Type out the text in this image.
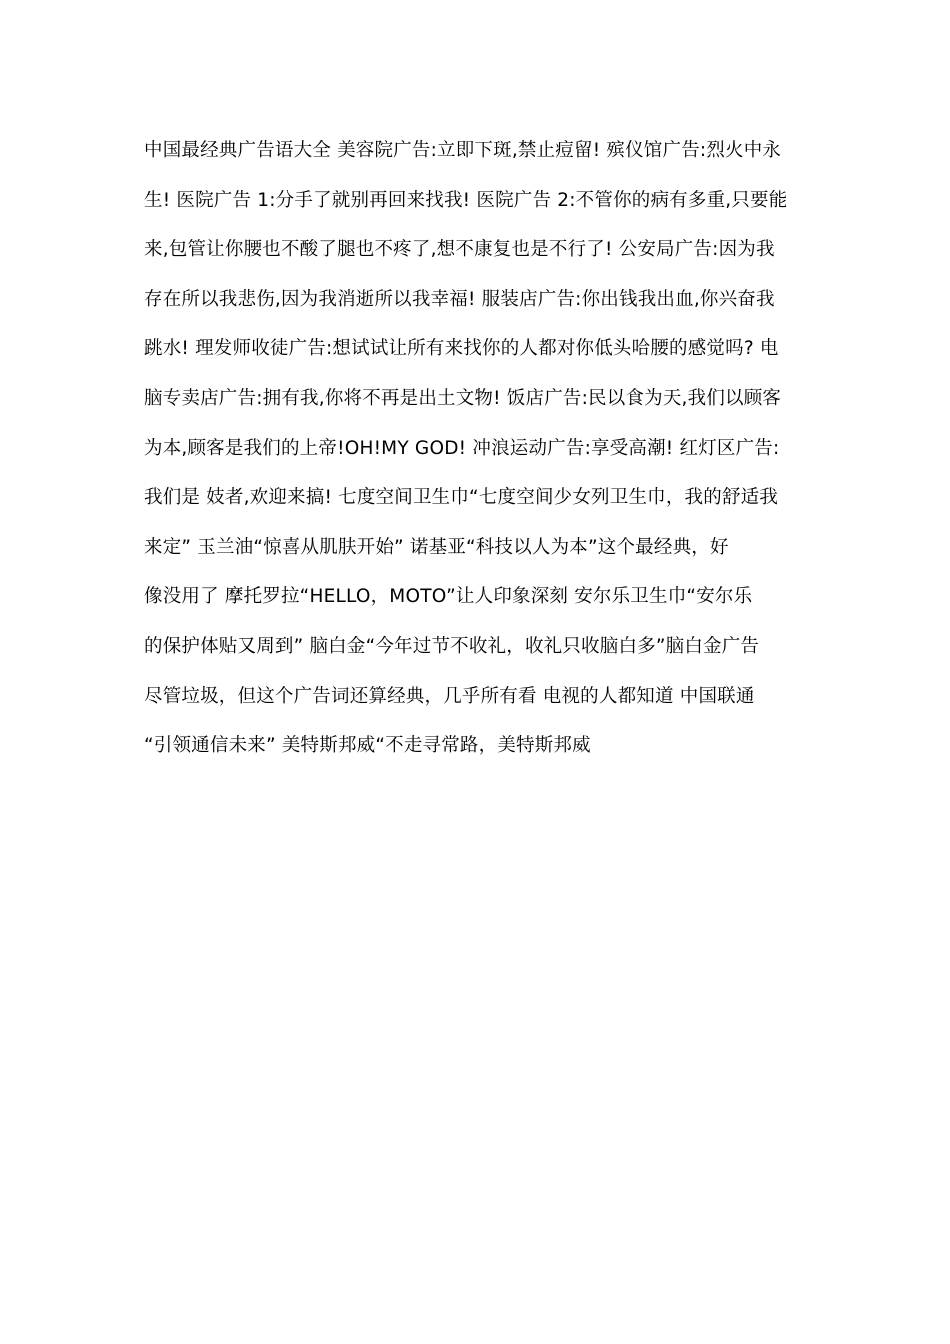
中国最经典广告语大全 美容院广告:立即下斑,禁止痘留! 殡仪馆广告:烈火中永
生! 医院广告 1:分手了就别再回来找我! 医院广告 2:不管你的病有多重,只要能
来,包管让你腰也不酸了腿也不疼了,想不康复也是不行了! 公安局广告:因为我
存在所以我悲伤,因为我消逝所以我幸福! 服装店广告:你出钱我出血,你兴奋我
跳水! 理发师收徒广告:想试试让所有来找你的人都对你低头哈腰的感觉吗? 电
脑专卖店广告:拥有我,你将不再是出土文物! 饭店广告:民以食为天,我们以顾客
为本,顾客是我们的上帝!OH!MY GOD! 冲浪运动广告:享受高潮! 红灯区广告:
我们是 妓者,欢迎来搞! 七度空间卫生巾“七度空间少女列卫生巾，我的舒适我
来定” 玉兰油“惊喜从肌肤开始” 诺基亚“科技以人为本”这个最经典，好
像没用了 摩托罗拉“HELLO，MOTO”让人印象深刻 安尔乐卫生巾“安尔乐
的保护体贴又周到” 脑白金“今年过节不收礼，收礼只收脑白多”脑白金广告
尽管垃圾，但这个广告词还算经典，几乎所有看 电视的人都知道 中国联通
“引领通信未来” 美特斯邦威“不走寻常路，美特斯邦威
